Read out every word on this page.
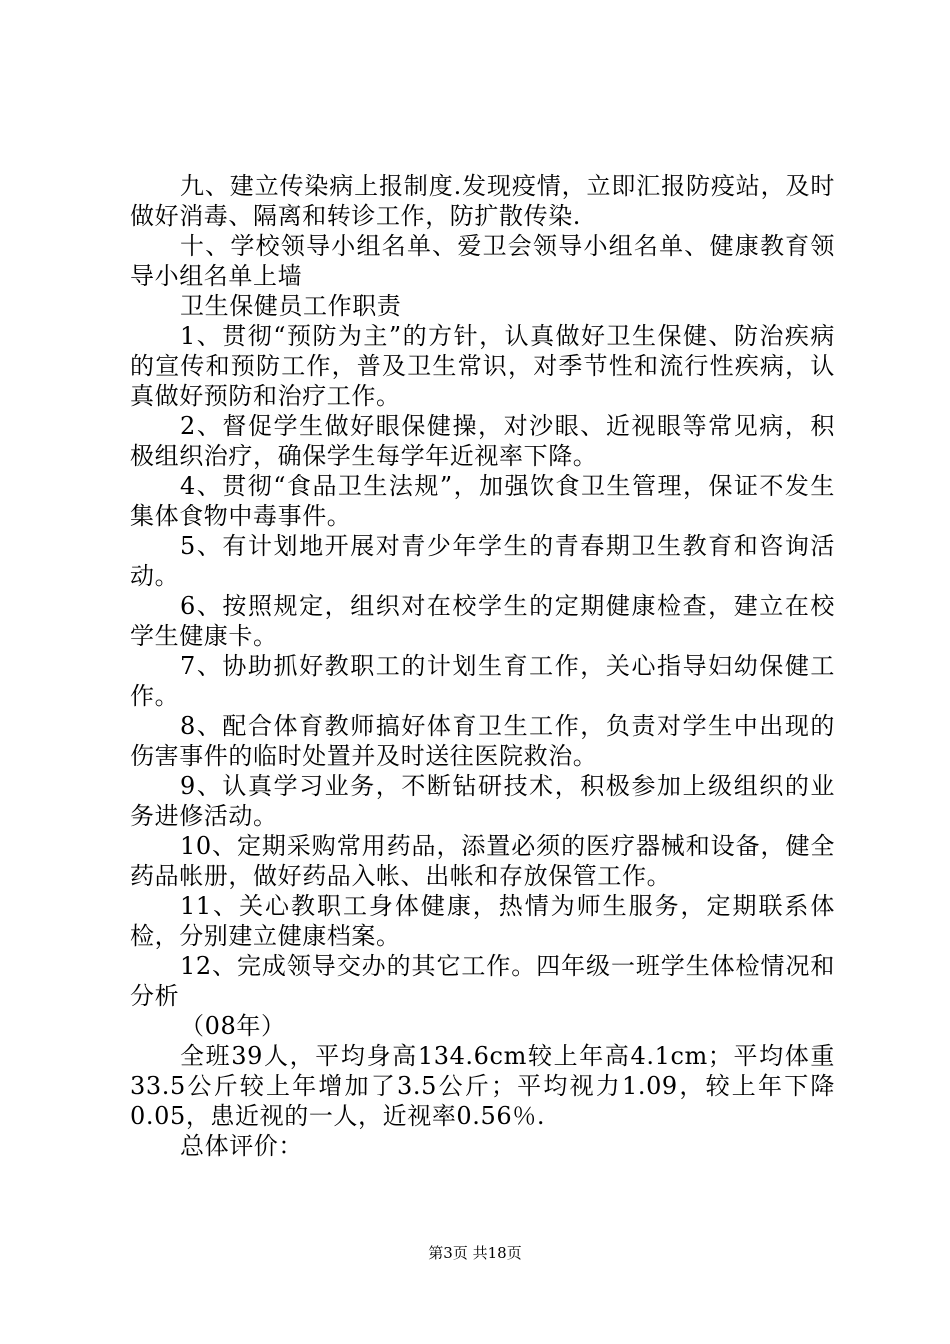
九、建立传染病上报制度.发现疫情，立即汇报防疫站，及时做好消毒、隔离和转诊工作，防扩散传染.

十、学校领导小组名单、爱卫会领导小组名单、健康教育领导小组名单上墙

卫生保健员工作职责

1、贯彻“预防为主”的方针，认真做好卫生保健、防治疾病的宣传和预防工作，普及卫生常识，对季节性和流行性疾病，认真做好预防和治疗工作。

2、督促学生做好眼保健操，对沙眼、近视眼等常见病，积极组织治疗，确保学生每学年近视率下降。

4、贯彻“食品卫生法规”，加强饮食卫生管理，保证不发生集体食物中毒事件。

5、有计划地开展对青少年学生的青春期卫生教育和咨询活动。

6、按照规定，组织对在校学生的定期健康检查，建立在校学生健康卡。

7、协助抓好教职工的计划生育工作，关心指导妇幼保健工作。

8、配合体育教师搞好体育卫生工作，负责对学生中出现的伤害事件的临时处置并及时送往医院救治。

9、认真学习业务，不断钻研技术，积极参加上级组织的业务进修活动。

10、定期采购常用药品，添置必须的医疗器械和设备，健全药品帐册，做好药品入帐、出帐和存放保管工作。

11、关心教职工身体健康，热情为师生服务，定期联系体检，分别建立健康档案。

12、完成领导交办的其它工作。四年级一班学生体检情况和分析

（08年）

全班39人，平均身高134.6cm较上年高4.1cm；平均体重33.5公斤较上年增加了3.5公斤；平均视力1.09，较上年下降0.05，患近视的一人，近视率0.56％.

总体评价：

第3页 共18页
